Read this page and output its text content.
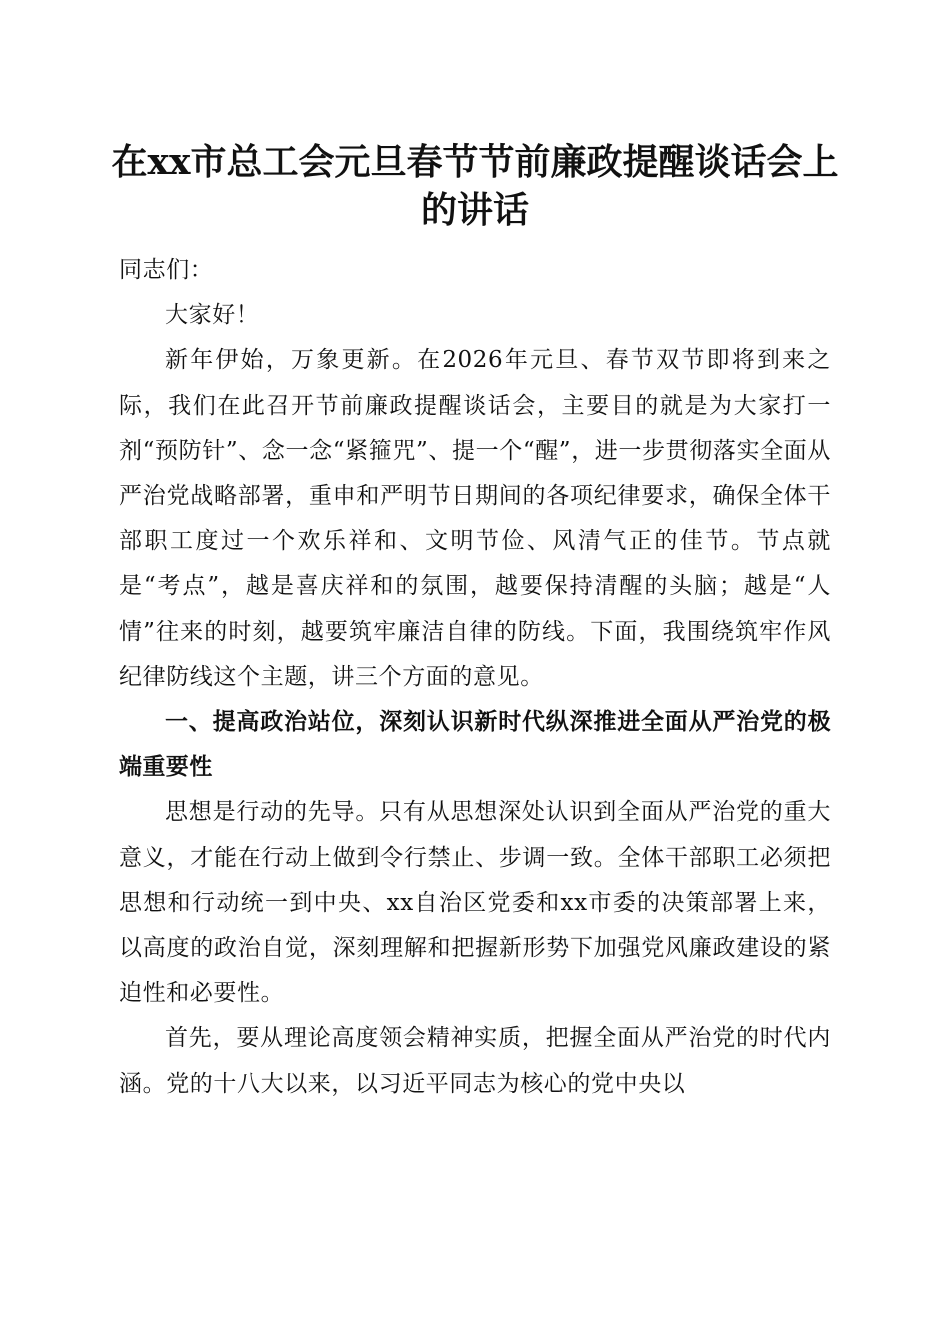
在xx市总工会元旦春节节前廉政提醒谈话会上的讲话

同志们：

大家好！

新年伊始，万象更新。在2026年元旦、春节双节即将到来之际，我们在此召开节前廉政提醒谈话会，主要目的就是为大家打一剂“预防针”、念一念“紧箍咒”、提一个“醒”，进一步贯彻落实全面从严治党战略部署，重申和严明节日期间的各项纪律要求，确保全体干部职工度过一个欢乐祥和、文明节俭、风清气正的佳节。节点就是“考点”，越是喜庆祥和的氛围，越要保持清醒的头脑；越是“人情”往来的时刻，越要筑牢廉洁自律的防线。下面，我围绕筑牢作风纪律防线这个主题，讲三个方面的意见。

一、提高政治站位，深刻认识新时代纵深推进全面从严治党的极端重要性

思想是行动的先导。只有从思想深处认识到全面从严治党的重大意义，才能在行动上做到令行禁止、步调一致。全体干部职工必须把思想和行动统一到中央、xx自治区党委和xx市委的决策部署上来，以高度的政治自觉，深刻理解和把握新形势下加强党风廉政建设的紧迫性和必要性。

首先，要从理论高度领会精神实质，把握全面从严治党的时代内涵。党的十八大以来，以习近平同志为核心的党中央以
